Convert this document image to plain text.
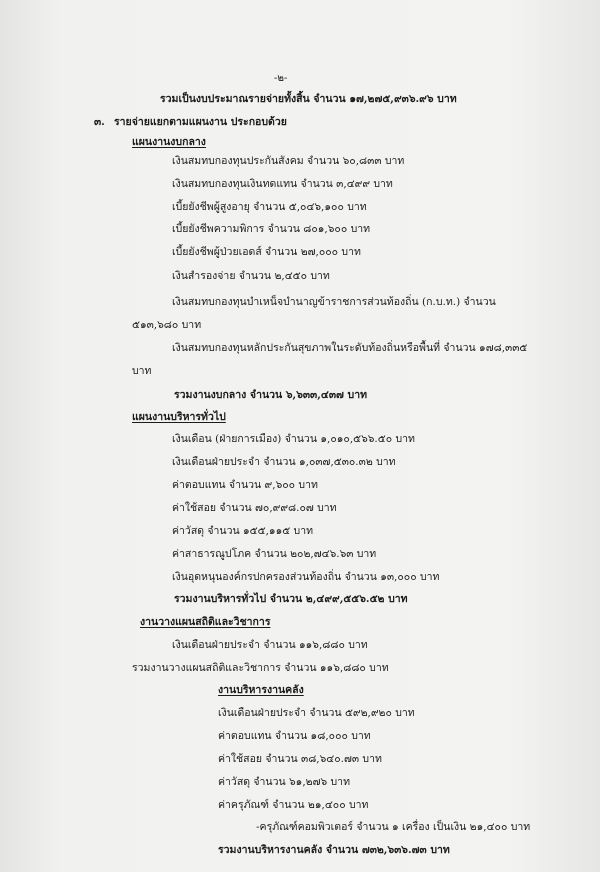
-๒-
รวมเป็นงบประมาณรายจ่ายทั้งสิ้น จำนวน ๑๗,๒๗๕,๙๓๖.๙๖ บาท
๓. รายจ่ายแยกตามแผนงาน ประกอบด้วย
แผนงานงบกลาง
เงินสมทบกองทุนประกันสังคม จำนวน ๖๐,๘๓๓ บาท
เงินสมทบกองทุนเงินทดแทน จำนวน ๓,๔๙๙ บาท
เบี้ยยังชีพผู้สูงอายุ จำนวน ๕,๐๔๖,๑๐๐ บาท
เบี้ยยังชีพความพิการ จำนวน ๘๐๑,๖๐๐ บาท
เบี้ยยังชีพผู้ป่วยเอดส์ จำนวน ๒๗,๐๐๐ บาท
เงินสำรองจ่าย จำนวน ๒,๔๕๐ บาท
เงินสมทบกองทุนบำเหน็จบำนาญข้าราชการส่วนท้องถิ่น (ก.บ.ท.) จำนวน
๕๑๓,๖๘๐ บาท
เงินสมทบกองทุนหลักประกันสุขภาพในระดับท้องถิ่นหรือพื้นที่ จำนวน ๑๗๘,๓๓๕
บาท
รวมงานงบกลาง จำนวน ๖,๖๓๓,๔๓๗ บาท
แผนงานบริหารทั่วไป
เงินเดือน (ฝ่ายการเมือง) จำนวน ๑,๐๑๐,๕๖๖.๕๐ บาท
เงินเดือนฝ่ายประจำ จำนวน ๑,๐๓๗,๕๓๐.๓๒ บาท
ค่าตอบแทน จำนวน ๙,๖๐๐ บาท
ค่าใช้สอย จำนวน ๗๐,๙๙๘.๐๗ บาท
ค่าวัสดุ จำนวน ๑๕๕,๑๑๕ บาท
ค่าสาธารณูปโภค จำนวน ๒๐๒,๗๔๖.๖๓ บาท
เงินอุดหนุนองค์กรปกครองส่วนท้องถิ่น จำนวน ๑๓,๐๐๐ บาท
รวมงานบริหารทั่วไป จำนวน ๒,๔๙๙,๕๕๖.๕๒ บาท
งานวางแผนสถิติและวิชาการ
เงินเดือนฝ่ายประจำ จำนวน ๑๑๖,๘๘๐ บาท
รวมงานวางแผนสถิติและวิชาการ จำนวน ๑๑๖,๘๘๐ บาท
งานบริหารงานคลัง
เงินเดือนฝ่ายประจำ จำนวน ๕๙๒,๙๒๐ บาท
ค่าตอบแทน จำนวน ๑๘,๐๐๐ บาท
ค่าใช้สอย จำนวน ๓๘,๖๔๐.๗๓ บาท
ค่าวัสดุ จำนวน ๖๑,๒๗๖ บาท
ค่าครุภัณฑ์ จำนวน ๒๑,๔๐๐ บาท
-ครุภัณฑ์คอมพิวเตอร์ จำนวน ๑ เครื่อง เป็นเงิน ๒๑,๔๐๐ บาท
รวมงานบริหารงานคลัง จำนวน ๗๓๒,๖๓๖.๗๓ บาท
